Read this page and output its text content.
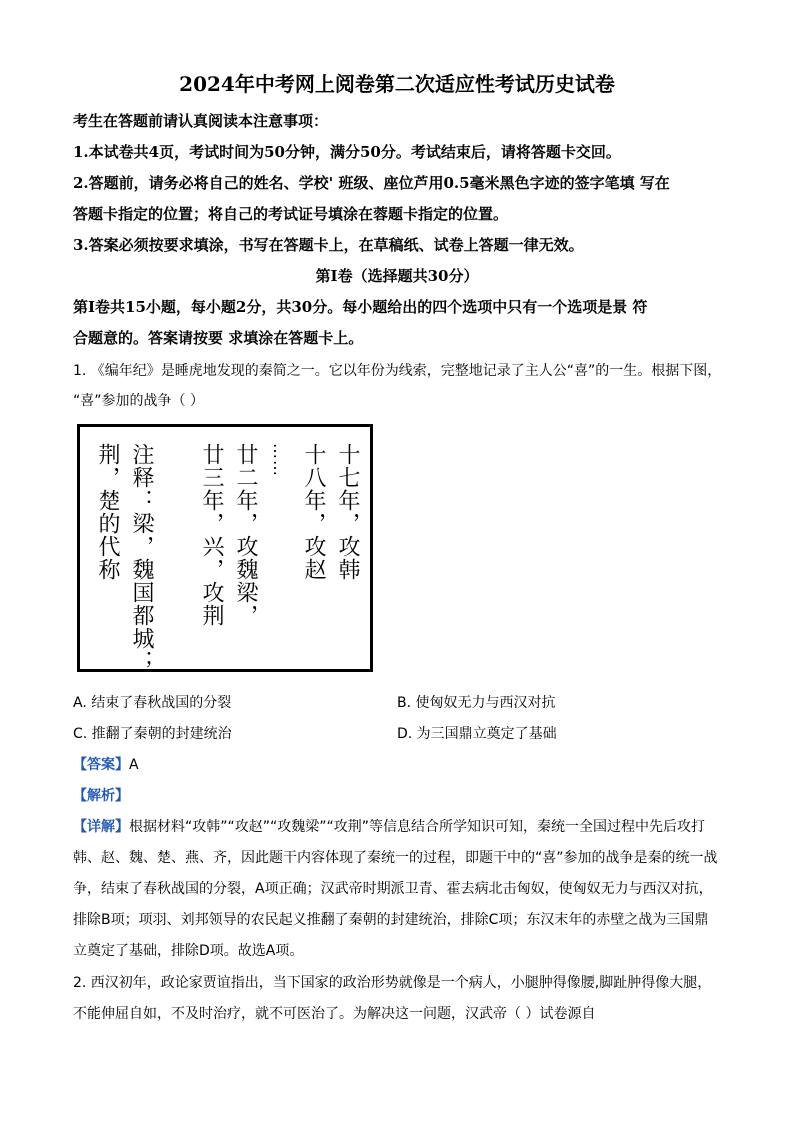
2024年中考网上阅卷第二次适应性考试历史试卷
考生在答题前请认真阅读本注意事项：
1.本试卷共4页，考试时间为50分钟，满分50分。考试结束后，请将答题卡交回。
2.答题前，请务必将自己的姓名、学校' 班级、座位芦用0.5毫米黑色字迹的签字笔填 写在
答题卡指定的位置；将自己的考试证号填涂在蓉题卡指定的位置。
3.答案必须按要求填涂，书写在答题卡上，在草稿纸、试卷上答题一律无效。
第Ⅰ卷（选择题共30分）
第Ⅰ卷共15小题，每小题2分，共30分。每小题给出的四个选项中只有一个选项是景 符
合题意的。答案请按要 求填涂在答题卡上。
1. 《编年纪》是睡虎地发现的秦简之一。它以年份为线索，完整地记录了主人公“喜”的一生。根据下图，
“喜”参加的战争（ ）
十七年，攻韩
十八年，攻赵
……
廿二年，攻魏梁，
廿三年，兴，攻荆
注释：梁，魏国都城；
荆，楚的代称
A. 结束了春秋战国的分裂	B. 使匈奴无力与西汉对抗
C. 推翻了秦朝的封建统治	D. 为三国鼎立奠定了基础
【答案】A
【解析】
【详解】根据材料“攻韩”“攻赵”“攻魏梁”“攻荆”等信息结合所学知识可知，秦统一全国过程中先后攻打
韩、赵、魏、楚、燕、齐，因此题干内容体现了秦统一的过程，即题干中的“喜”参加的战争是秦的统一战
争，结束了春秋战国的分裂，A项正确；汉武帝时期派卫青、霍去病北击匈奴，使匈奴无力与西汉对抗，
排除B项；项羽、刘邦领导的农民起义推翻了秦朝的封建统治，排除C项；东汉末年的赤壁之战为三国鼎
立奠定了基础，排除D项。故选A项。
2. 西汉初年，政论家贾谊指出，当下国家的政治形势就像是一个病人，小腿肿得像腰,脚趾肿得像大腿，
不能伸屈自如，不及时治疗，就不可医治了。为解决这一问题，汉武帝（ ）试卷源自
